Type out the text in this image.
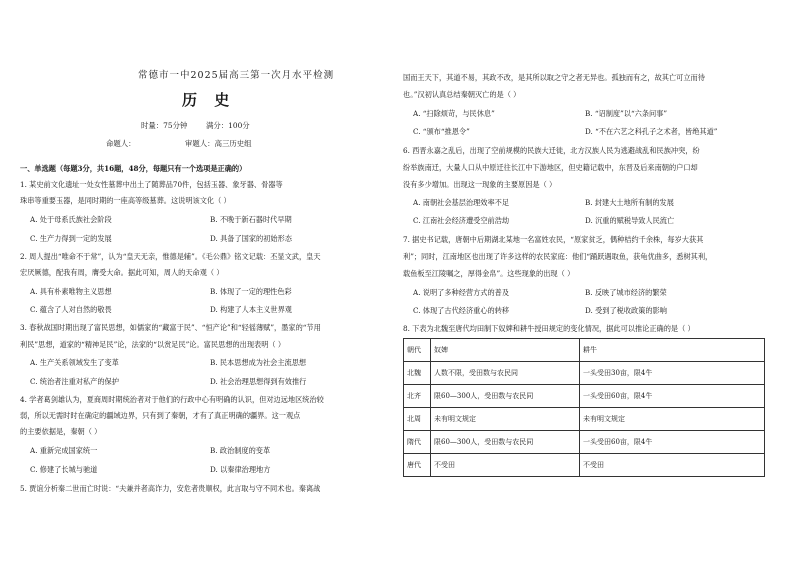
常德市一中2025届高三第一次月水平检测
历 史
时量：75分钟	满分：100分
命题人：	审题人：高三历史组
一、单选题（每题3分，共16题，48分，每题只有一个选项是正确的）
1. 某史前文化遗址一处女性墓葬中出土了随葬品70件，包括玉器、象牙器、骨器等
珠串等重要玉器，是同时期的一座高等级墓葬。这说明该文化（ ）
A. 处于母系氏族社会阶段	B. 不晚于新石器时代早期
C. 生产力得到一定的发展	D. 具备了国家的初始形态
2. 周人提出“唯命不于常”，认为“皇天无亲，惟德是辅”。《毛公鼎》铭文记载：丕显文武，皇天
宏厌厥德，配我有周，膺受大命。据此可知，周人的天命观（ ）
A. 具有朴素唯物主义思想	B. 体现了一定的理性色彩
C. 蕴含了人对自然的敬畏	D. 构建了人本主义世界观
3. 春秋战国时期出现了富民思想，如儒家的“藏富于民”、“恒产论”和“轻徭薄赋”，墨家的“节用
利民”思想，道家的“精神足民”论，法家的“以赏足民”论。富民思想的出现表明（ ）
A. 生产关系领域发生了变革	B. 民本思想成为社会主流思想
C. 统治者注重对私产的保护	D. 社会治理思想得到有效推行
4. 学者葛剑雄认为，夏商周时期统治者对于他们的行政中心有明确的认识，但对边远地区统治较
弱，所以无需时时在确定的疆域边界，只有到了秦朝，才有了真正明确的疆界。这一观点
的主要依据是，秦朝（ ）
A. 重新完成国家统一	B. 政治制度的变革
C. 修建了长城与驰道	D. 以秦律治理地方
5. 贾谊分析秦二世而亡时说：“夫兼并者高诈力，安危者贵顺权，此言取与守不同术也。秦离战
国而王天下，其道不易，其政不改，是其所以取之守之者无异也。孤独而有之，故其亡可立而待
也。”汉初认真总结秦朝灭亡的是（ ）
A. “扫除烦苛，与民休息”	B. “诏制度”以“六条问事”
C. “颁布“推恩令”	D. “不在六艺之科孔子之术者，皆绝其道”
6. 西晋永嘉之乱后，出现了空前规模的民族大迁徙，北方汉族人民为逃避战乱和民族冲突，纷
纷举族南迁，大量人口从中原迁往长江中下游地区，但史籍记载中，东晋及后来南朝的户口却
没有多少增加。出现这一现象的主要原因是（ ）
A. 南朝社会基层治理效率不足	B. 封建大土地所有制的发展
C. 江南社会经济遭受空前浩劫	D. 沉重的赋税导致人民流亡
7. 据史书记载，唐朝中后期湖北某地一名富姓农民，“原家贫乏，偶种桔约千余株，每岁大获其
利”；同时，江南地区也出现了许多这样的农民家庭：他们“踊跃遇取鱼，获龟优曲多，悉树其利，
载鱼板至江陵嘱之，厚得金帛”。这些现象的出现（ ）
A. 说明了多种经营方式的普及	B. 反映了城市经济的繁荣
C. 体现了古代经济重心的转移	D. 受到了税收政策的影响
8. 下表为北魏至唐代均田制下奴婢和耕牛授田规定的变化情况，据此可以推论正确的是（ ）
朝代	奴婢	耕牛
北魏	人数不限，受田数与农民同	一头受田30亩，限4牛
北齐	限60—300人，受田数与农民同	一头受田60亩，限4牛
北周	未有明文规定	未有明文规定
隋代	限60—300人，受田数与农民同	一头受田60亩，限4牛
唐代	不受田	不受田
